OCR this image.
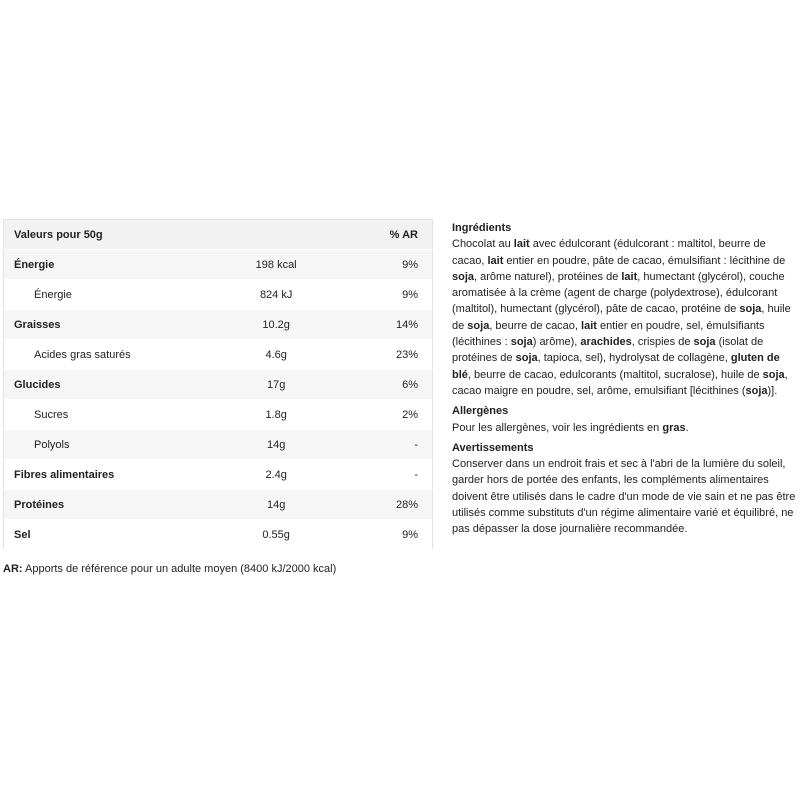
Valeurs pour 50g		% AR
Énergie	198 kcal	9%
Énergie	824 kJ	9%
Graisses	10.2g	14%
Acides gras saturés	4.6g	23%
Glucides	17g	6%
Sucres	1.8g	2%
Polyols	14g	-
Fibres alimentaires	2.4g	-
Protéines	14g	28%
Sel	0.55g	9%
AR: Apports de référence pour un adulte moyen (8400 kJ/2000 kcal)
Ingrédients

Chocolat au lait avec édulcorant (édulcorant : maltitol, beurre de cacao, lait entier en poudre, pâte de cacao, émulsifiant : lécithine de soja, arôme naturel), protéines de lait, humectant (glycérol), couche aromatisée à la crème (agent de charge (polydextrose), édulcorant (maltitol), humectant (glycérol), pâte de cacao, protéine de soja, huile de soja, beurre de cacao, lait entier en poudre, sel, émulsifiants (lécithines : soja) arôme), arachides, crispies de soja (isolat de protéines de soja, tapioca, sel), hydrolysat de collagène, gluten de blé, beurre de cacao, edulcorants (maltitol, sucralose), huile de soja, cacao maigre en poudre, sel, arôme, emulsifiant [lécithines (soja)].

Allergènes

Pour les allergènes, voir les ingrédients en gras.

Avertissements

Conserver dans un endroit frais et sec à l'abri de la lumière du soleil, garder hors de portée des enfants, les compléments alimentaires doivent être utilisés dans le cadre d'un mode de vie sain et ne pas être utilisés comme substituts d'un régime alimentaire varié et équilibré, ne pas dépasser la dose journalière recommandée.
